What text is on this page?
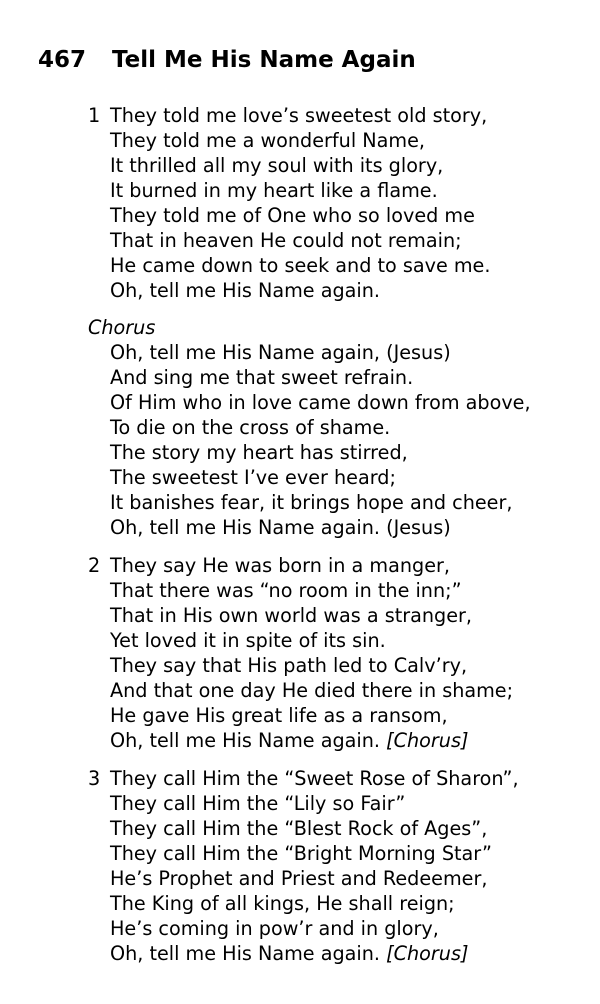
467 Tell Me His Name Again
1 They told me love’s sweetest old story,
They told me a wonderful Name,
It thrilled all my soul with its glory,
It burned in my heart like a flame.
They told me of One who so loved me
That in heaven He could not remain;
He came down to seek and to save me.
Oh, tell me His Name again.
Chorus
Oh, tell me His Name again, (Jesus)
And sing me that sweet refrain.
Of Him who in love came down from above,
To die on the cross of shame.
The story my heart has stirred,
The sweetest I’ve ever heard;
It banishes fear, it brings hope and cheer,
Oh, tell me His Name again. (Jesus)
2 They say He was born in a manger,
That there was “no room in the inn;”
That in His own world was a stranger,
Yet loved it in spite of its sin.
They say that His path led to Calv’ry,
And that one day He died there in shame;
He gave His great life as a ransom,
Oh, tell me His Name again. [Chorus]
3 They call Him the “Sweet Rose of Sharon”,
They call Him the “Lily so Fair”
They call Him the “Blest Rock of Ages”,
They call Him the “Bright Morning Star”
He’s Prophet and Priest and Redeemer,
The King of all kings, He shall reign;
He’s coming in pow’r and in glory,
Oh, tell me His Name again. [Chorus]
